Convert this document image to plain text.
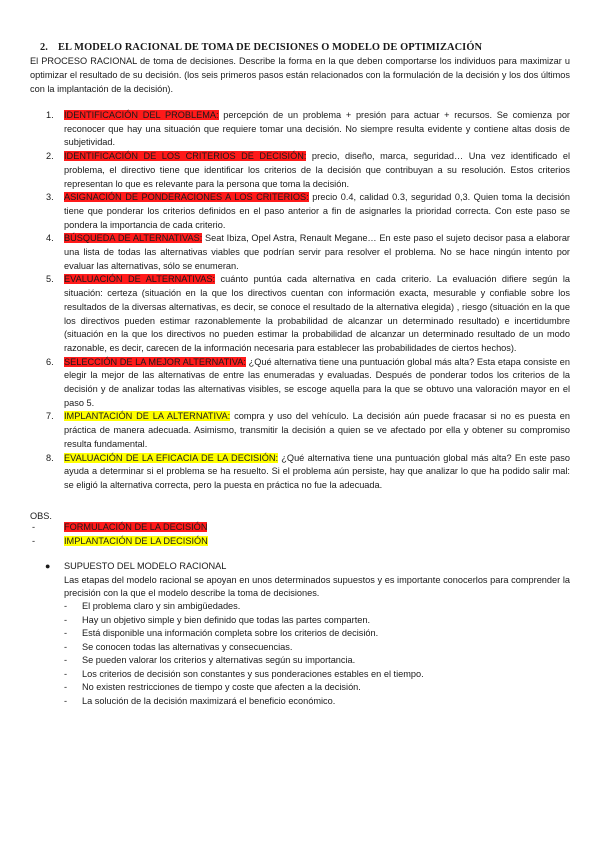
2. EL MODELO RACIONAL DE TOMA DE DECISIONES O MODELO DE OPTIMIZACIÓN
El PROCESO RACIONAL de toma de decisiones. Describe la forma en la que deben comportarse los individuos para maximizar u optimizar el resultado de su decisión. (los seis primeros pasos están relacionados con la formulación de la decisión y los dos últimos con la implantación de la decisión).
1. IDENTIFICACIÓN DEL PROBLEMA: percepción de un problema + presión para actuar + recursos. Se comienza por reconocer que hay una situación que requiere tomar una decisión. No siempre resulta evidente y contiene altas dosis de subjetividad.
2. IDENTIFICACIÓN DE LOS CRITERIOS DE DECISIÓN: precio, diseño, marca, seguridad… Una vez identificado el problema, el directivo tiene que identificar los criterios de la decisión que contribuyan a su resolución. Estos criterios representan lo que es relevante para la persona que toma la decisión.
3. ASIGNACIÓN DE PONDERACIONES A LOS CRITERIOS: precio 0.4, calidad 0.3, seguridad 0,3. Quien toma la decisión tiene que ponderar los criterios definidos en el paso anterior a fin de asignarles la prioridad correcta. Con este paso se pondera la importancia de cada criterio.
4. BÚSQUEDA DE ALTERNATIVAS: Seat Ibiza, Opel Astra, Renault Megane… En este paso el sujeto decisor pasa a elaborar una lista de todas las alternativas viables que podrían servir para resolver el problema. No se hace ningún intento por evaluar las alternativas, sólo se enumeran.
5. EVALUACIÓN DE ALTERNATIVAS: cuánto puntúa cada alternativa en cada criterio. La evaluación difiere según la situación: certeza (situación en la que los directivos cuentan con información exacta, mesurable y confiable sobre los resultados de la diversas alternativas, es decir, se conoce el resultado de la alternativa elegida) , riesgo (situación en la que los directivos pueden estimar razonablemente la probabilidad de alcanzar un determinado resultado) e incertidumbre (situación en la que los directivos no pueden estimar la probabilidad de alcanzar un determinado resultado de un modo razonable, es decir, carecen de la información necesaria para establecer las probabilidades de ciertos hechos).
6. SELECCIÓN DE LA MEJOR ALTERNATIVA: ¿Qué alternativa tiene una puntuación global más alta? Esta etapa consiste en elegir la mejor de las alternativas de entre las enumeradas y evaluadas. Después de ponderar todos los criterios de la decisión y de analizar todas las alternativas visibles, se escoge aquella para la que se obtuvo una valoración mayor en el paso 5.
7. IMPLANTACIÓN DE LA ALTERNATIVA: compra y uso del vehículo. La decisión aún puede fracasar si no es puesta en práctica de manera adecuada. Asimismo, transmitir la decisión a quien se ve afectado por ella y obtener su compromiso resulta fundamental.
8. EVALUACIÓN DE LA EFICACIA DE LA DECISIÓN: ¿Qué alternativa tiene una puntuación global más alta? En este paso ayuda a determinar si el problema se ha resuelto. Si el problema aún persiste, hay que analizar lo que ha podido salir mal: se eligió la alternativa correcta, pero la puesta en práctica no fue la adecuada.
OBS.
-	FORMULACIÓN DE LA DECISIÓN
-	IMPLANTACIÓN DE LA DECISIÓN
● SUPUESTO DEL MODELO RACIONAL
Las etapas del modelo racional se apoyan en unos determinados supuestos y es importante conocerlos para comprender la precisión con la que el modelo describe la toma de decisiones.
- El problema claro y sin ambigüedades.
- Hay un objetivo simple y bien definido que todas las partes comparten.
- Está disponible una información completa sobre los criterios de decisión.
- Se conocen todas las alternativas y consecuencias.
- Se pueden valorar los criterios y alternativas según su importancia.
- Los criterios de decisión son constantes y sus ponderaciones estables en el tiempo.
- No existen restricciones de tiempo y coste que afecten a la decisión.
- La solución de la decisión maximizará el beneficio económico.
